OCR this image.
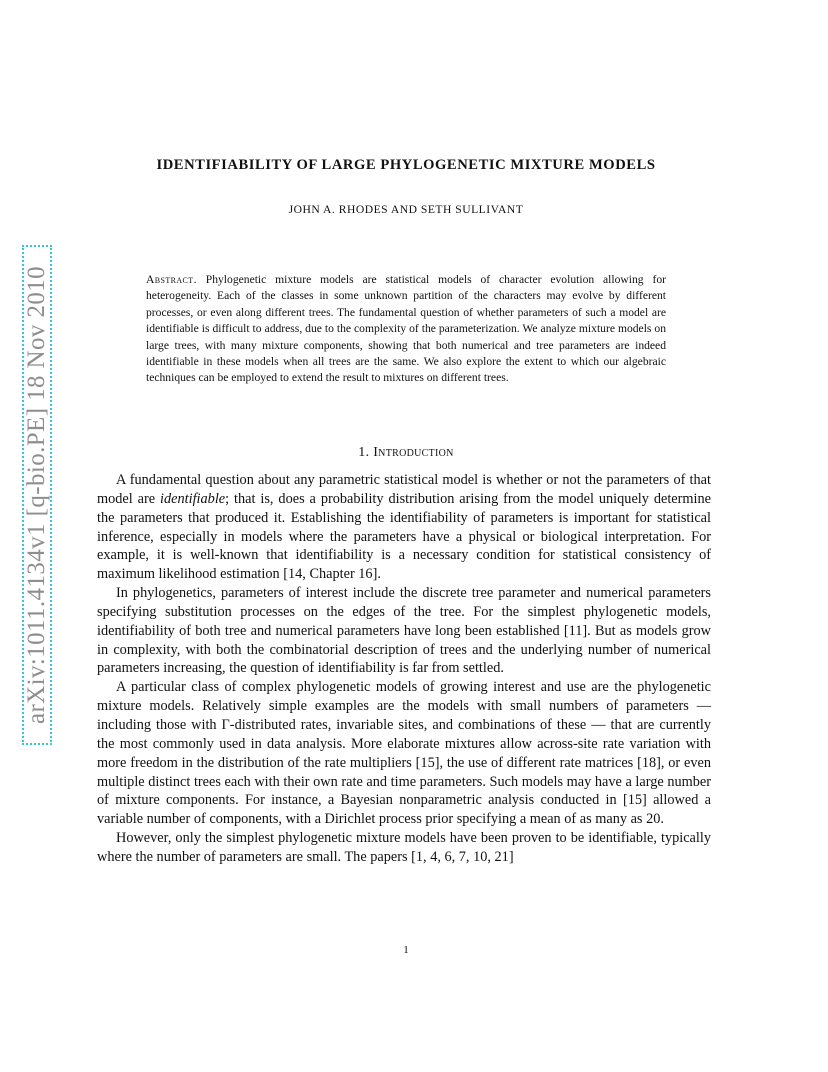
arXiv:1011.4134v1 [q-bio.PE] 18 Nov 2010
IDENTIFIABILITY OF LARGE PHYLOGENETIC MIXTURE MODELS
JOHN A. RHODES AND SETH SULLIVANT

Abstract. Phylogenetic mixture models are statistical models of character evolution allowing for heterogeneity. Each of the classes in some unknown partition of the characters may evolve by different processes, or even along different trees. The fundamental question of whether parameters of such a model are identifiable is difficult to address, due to the complexity of the parameterization. We analyze mixture models on large trees, with many mixture components, showing that both numerical and tree parameters are indeed identifiable in these models when all trees are the same. We also explore the extent to which our algebraic techniques can be employed to extend the result to mixtures on different trees.

1. Introduction

A fundamental question about any parametric statistical model is whether or not the parameters of that model are identifiable; that is, does a probability distribution arising from the model uniquely determine the parameters that produced it. Establishing the identifiability of parameters is important for statistical inference, especially in models where the parameters have a physical or biological interpretation. For example, it is well-known that identifiability is a necessary condition for statistical consistency of maximum likelihood estimation [14, Chapter 16].

In phylogenetics, parameters of interest include the discrete tree parameter and numerical parameters specifying substitution processes on the edges of the tree. For the simplest phylogenetic models, identifiability of both tree and numerical parameters have long been established [11]. But as models grow in complexity, with both the combinatorial description of trees and the underlying number of numerical parameters increasing, the question of identifiability is far from settled.

A particular class of complex phylogenetic models of growing interest and use are the phylogenetic mixture models. Relatively simple examples are the models with small numbers of parameters — including those with Γ-distributed rates, invariable sites, and combinations of these — that are currently the most commonly used in data analysis. More elaborate mixtures allow across-site rate variation with more freedom in the distribution of the rate multipliers [15], the use of different rate matrices [18], or even multiple distinct trees each with their own rate and time parameters. Such models may have a large number of mixture components. For instance, a Bayesian nonparametric analysis conducted in [15] allowed a variable number of components, with a Dirichlet process prior specifying a mean of as many as 20.

However, only the simplest phylogenetic mixture models have been proven to be identifiable, typically where the number of parameters are small. The papers [1, 4, 6, 7, 10, 21]

1
